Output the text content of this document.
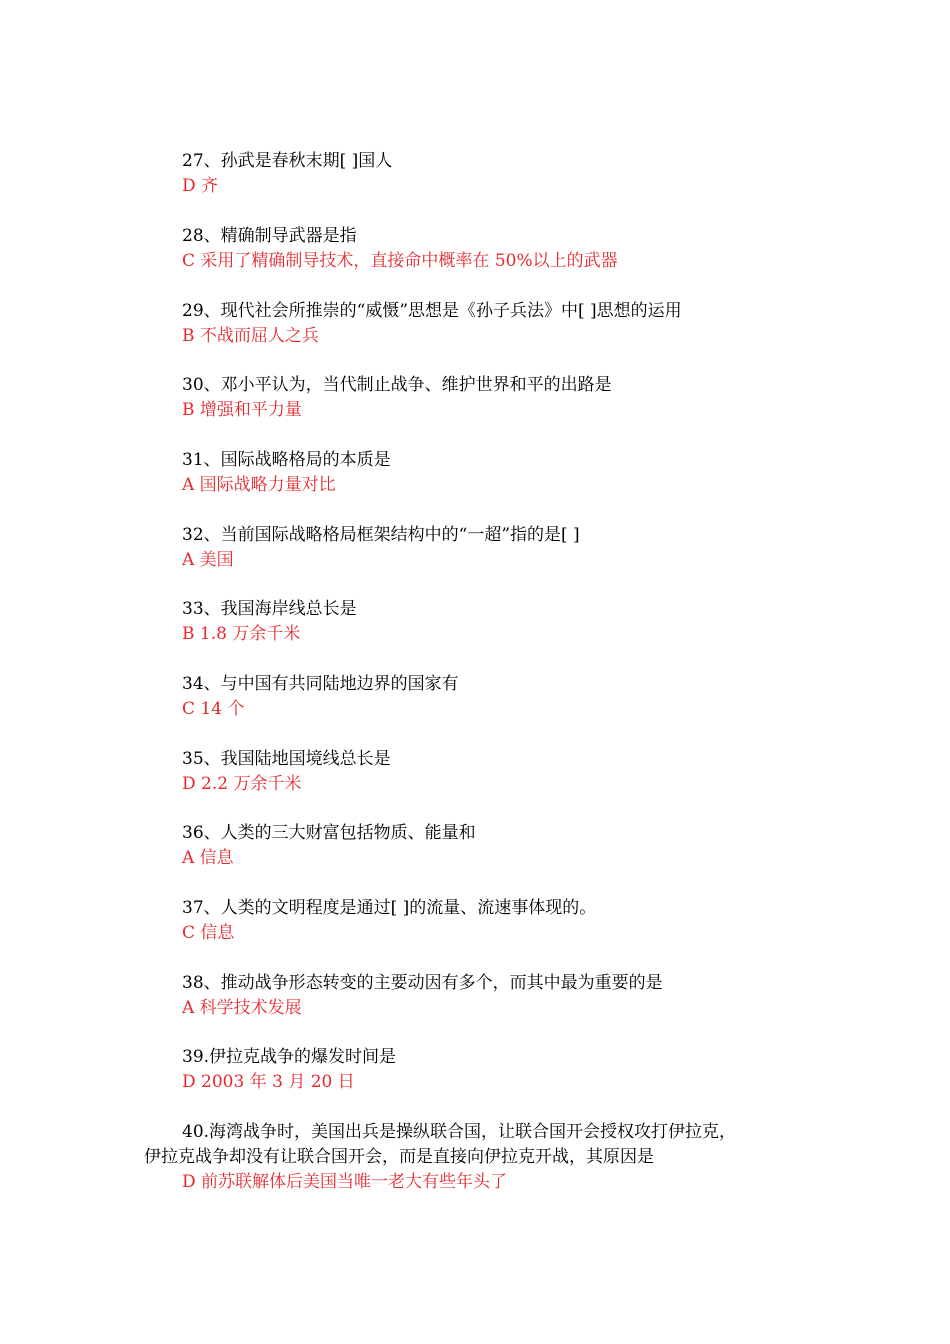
27、孙武是春秋末期[ ]国人
D 齐
28、精确制导武器是指
C 采用了精确制导技术，直接命中概率在 50%以上的武器
29、现代社会所推崇的“威慑”思想是《孙子兵法》中[ ]思想的运用
B 不战而屈人之兵
30、邓小平认为，当代制止战争、维护世界和平的出路是
B 增强和平力量
31、国际战略格局的本质是
A 国际战略力量对比
32、当前国际战略格局框架结构中的“一超”指的是[ ]
A 美国
33、我国海岸线总长是
B 1.8 万余千米
34、与中国有共同陆地边界的国家有
C 14 个
35、我国陆地国境线总长是
D 2.2 万余千米
36、人类的三大财富包括物质、能量和
A 信息
37、人类的文明程度是通过[ ]的流量、流速事体现的。
C 信息
38、推动战争形态转变的主要动因有多个，而其中最为重要的是
A 科学技术发展
39.伊拉克战争的爆发时间是
D 2003 年 3 月 20 日
40.海湾战争时，美国出兵是操纵联合国，让联合国开会授权攻打伊拉克，
伊拉克战争却没有让联合国开会，而是直接向伊拉克开战，其原因是
D 前苏联解体后美国当唯一老大有些年头了
